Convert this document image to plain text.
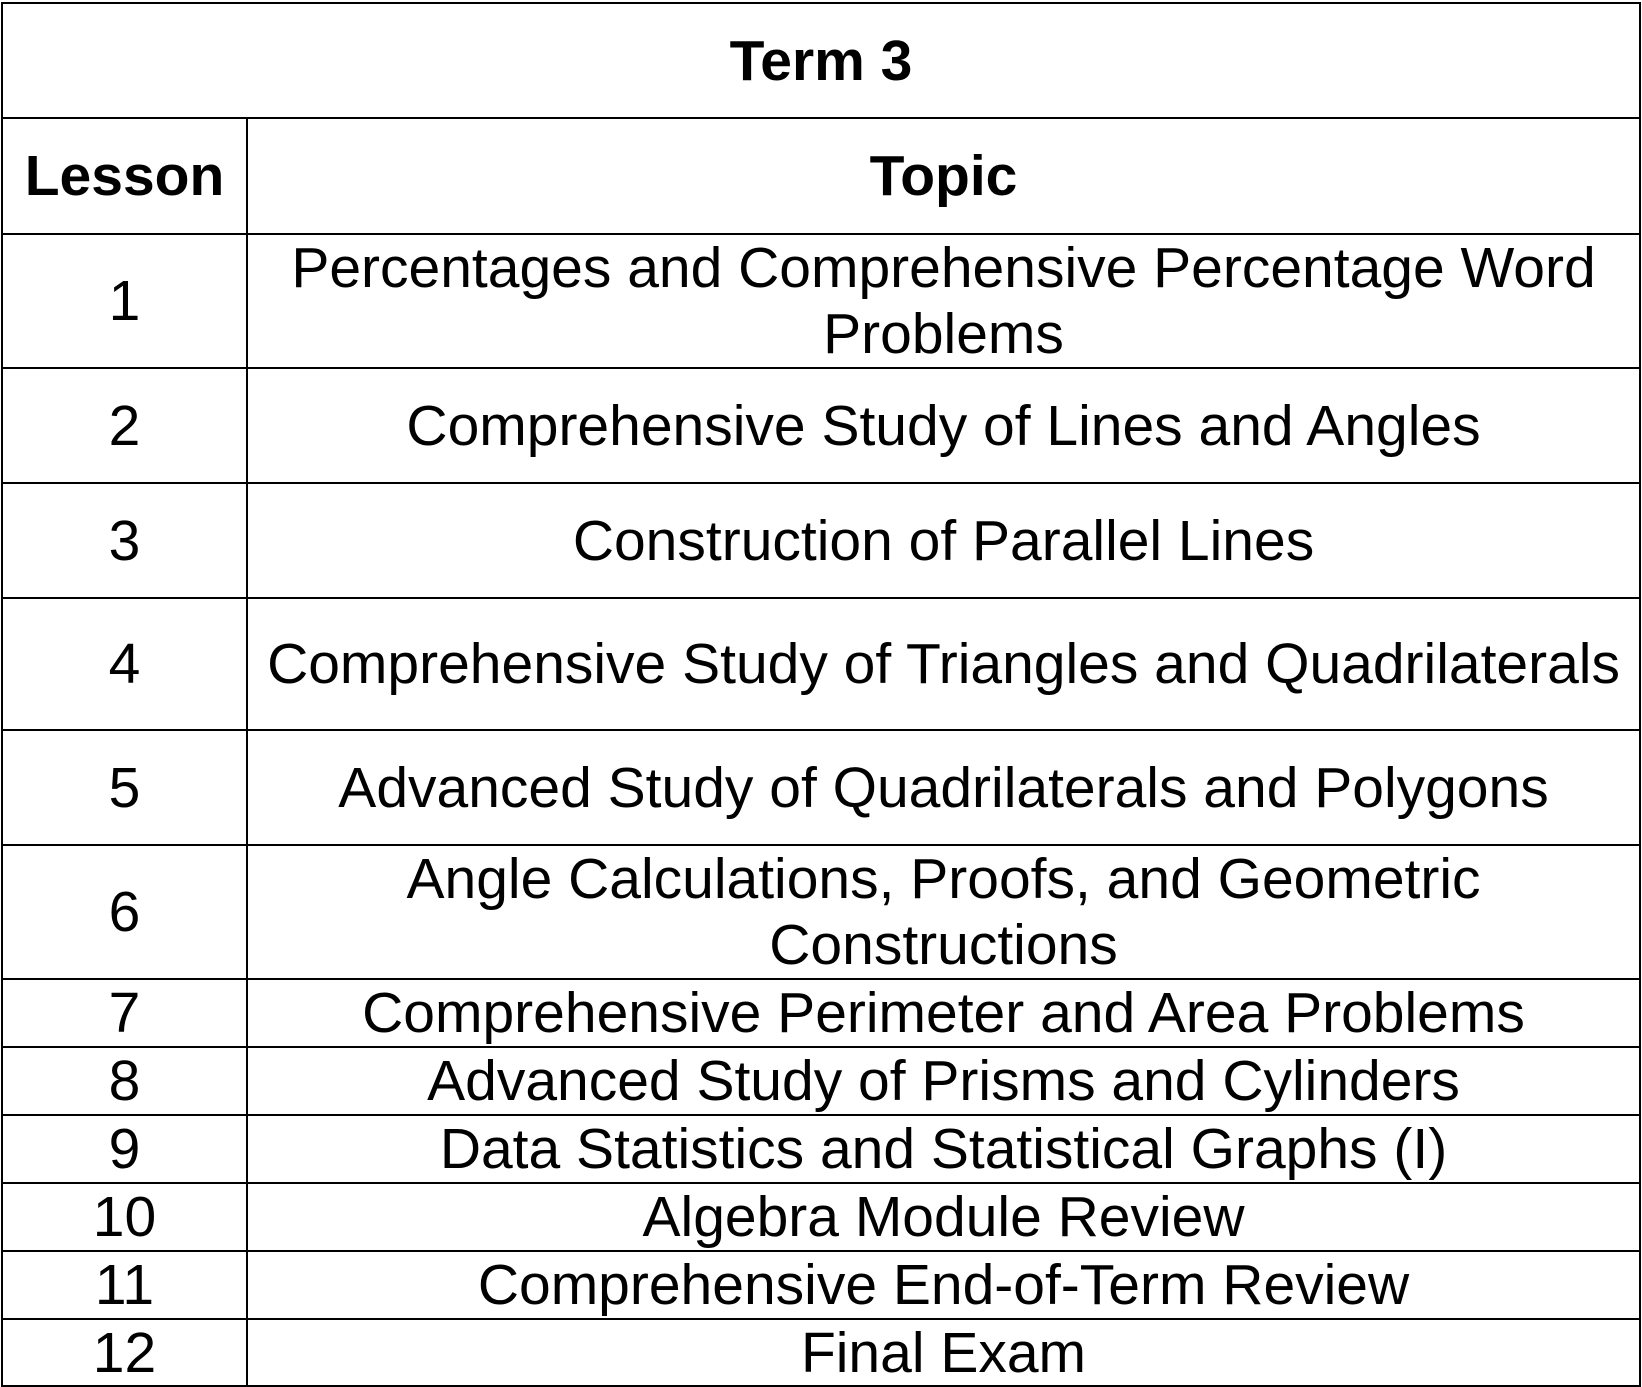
Term 3	
Lesson	Topic
1	Percentages and Comprehensive Percentage Word Problems
2	Comprehensive Study of Lines and Angles
3	Construction of Parallel Lines
4	Comprehensive Study of Triangles and Quadrilaterals
5	Advanced Study of Quadrilaterals and Polygons
6	Angle Calculations, Proofs, and Geometric Constructions
7	Comprehensive Perimeter and Area Problems
8	Advanced Study of Prisms and Cylinders
9	Data Statistics and Statistical Graphs (I)
10	Algebra Module Review
11	Comprehensive End-of-Term Review
12	Final Exam
